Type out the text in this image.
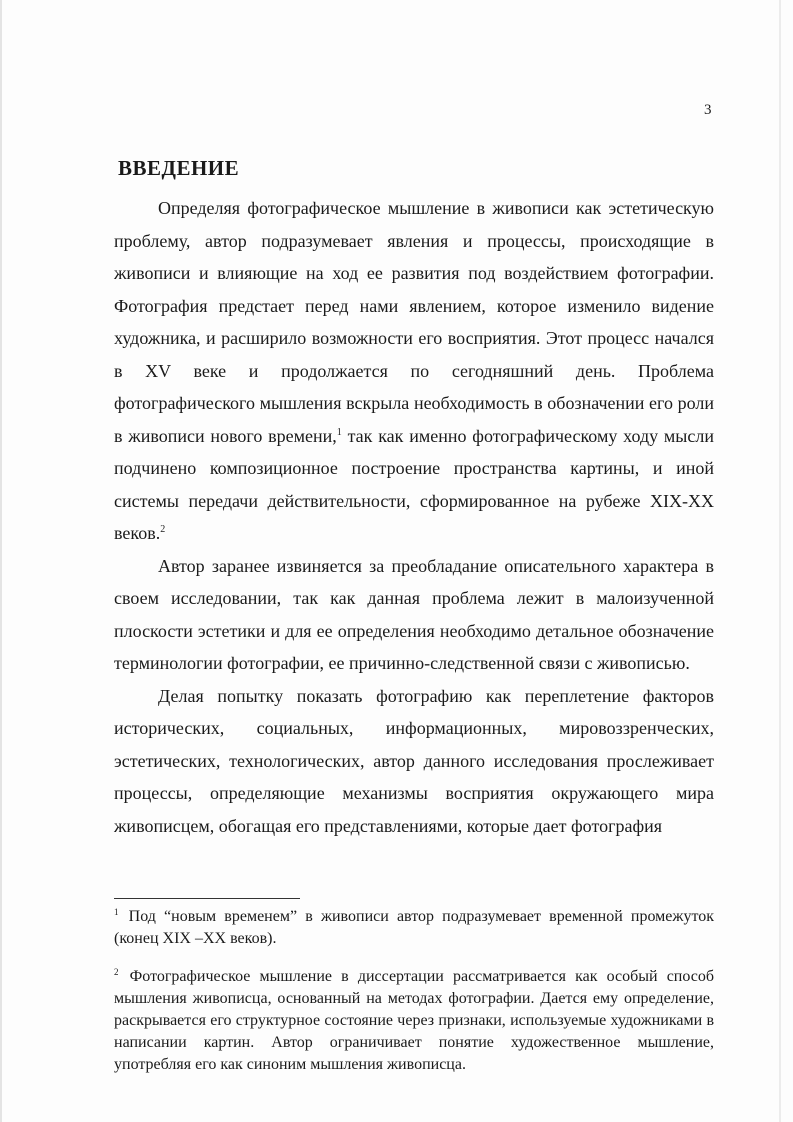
3
ВВЕДЕНИЕ

Определяя фотографическое мышление в живописи как эстетическую проблему, автор подразумевает явления и процессы, происходящие в живописи и влияющие на ход ее развития под воздействием фотографии. Фотография предстает перед нами явлением, которое изменило видение художника, и расширило возможности его восприятия. Этот процесс начался в XV веке и продолжается по сегодняшний день. Проблема фотографического мышления вскрыла необходимость в обозначении его роли в живописи нового времени,$^1$ так как именно фотографическому ходу мысли подчинено композиционное построение пространства картины, и иной системы передачи действительности, сформированное на рубеже XIX-XX веков.$^2$

Автор заранее извиняется за преобладание описательного характера в своем исследовании, так как данная проблема лежит в малоизученной плоскости эстетики и для ее определения необходимо детальное обозначение терминологии фотографии, ее причинно-следственной связи с живописью.

Делая попытку показать фотографию как переплетение факторов исторических, социальных, информационных, мировоззренческих, эстетических, технологических, автор данного исследования прослеживает процессы, определяющие механизмы восприятия окружающего мира живописцем, обогащая его представлениями, которые дает фотография

$^1$ Под “новым временем” в живописи автор подразумевает временной промежуток (конец XIX –XX веков).

$^2$ Фотографическое мышление в диссертации рассматривается как особый способ мышления живописца, основанный на методах фотографии. Дается ему определение, раскрывается его структурное состояние через признаки, используемые художниками в написании картин. Автор ограничивает понятие художественное мышление, употребляя его как синоним мышления живописца.
